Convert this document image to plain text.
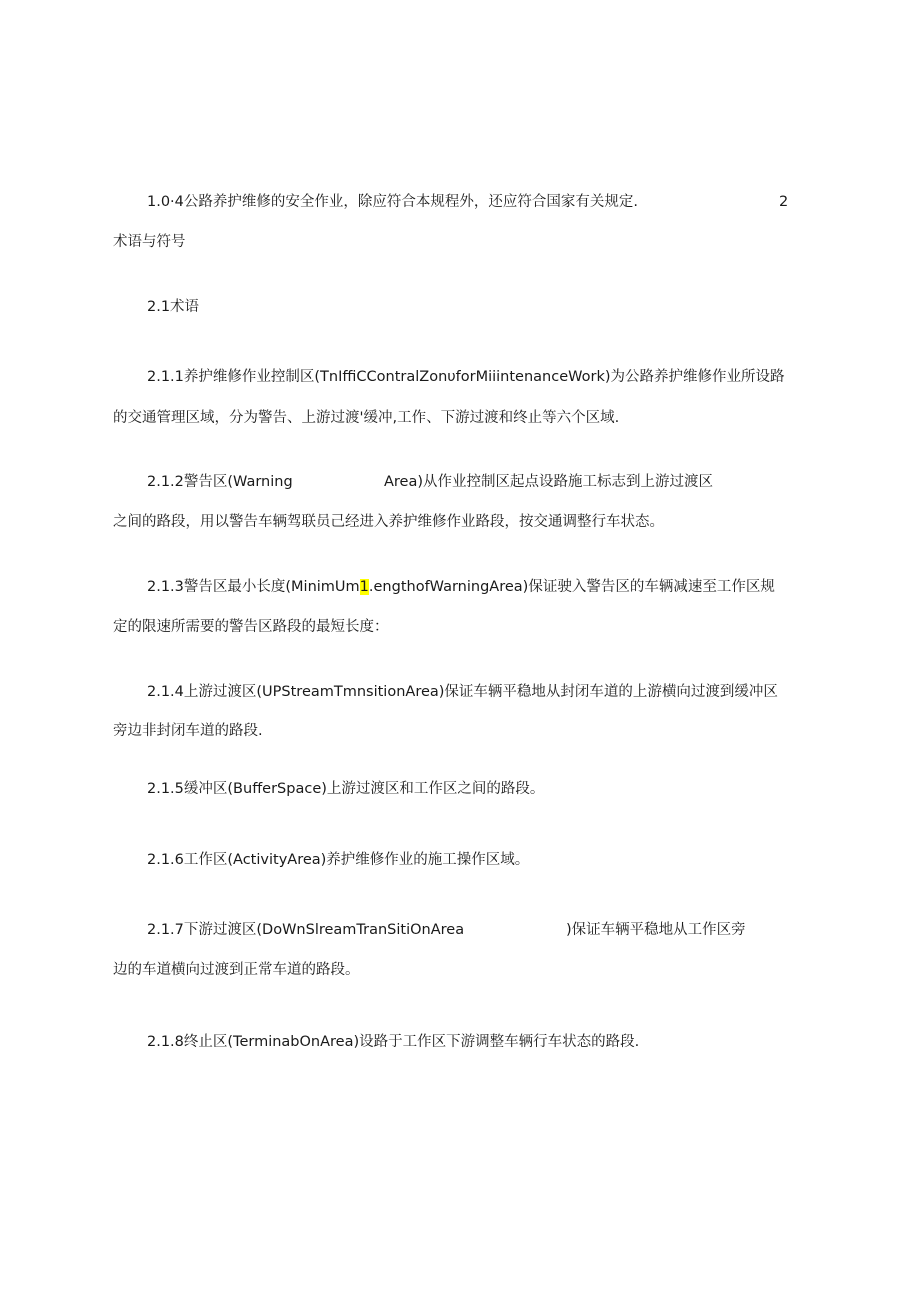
1.0·4公路养护维修的安全作业，除应符合本规程外，还应符合国家有关规定.	2
术语与符号
2.1术语
2.1.1养护维修作业控制区(TnIffiCContralZonυforMiiintenanceWork)为公路养护维修作业所设路
的交通管理区域，分为警告、上游过渡'缓冲,工作、下游过渡和终止等六个区域.
2.1.2警告区(Warning	Area)从作业控制区起点设路施工标志到上游过渡区
之间的路段，用以警告车辆驾联员己经进入养护维修作业路段，按交通调整行车状态。
2.1.3警告区最小长度(MinimUm1.engthofWarningArea)保证驶入警告区的车辆减速至工作区规
定的限速所需要的警告区路段的最短长度：
2.1.4上游过渡区(UPStreamTmnsitionArea)保证车辆平稳地从封闭车道的上游横向过渡到缓冲区
旁边非封闭车道的路段.
2.1.5缓冲区(BufferSpace)上游过渡区和工作区之间的路段。
2.1.6工作区(ActivityArea)养护维修作业的施工操作区域。
2.1.7下游过渡区(DoWnSlreamTranSitiOnArea	)保证车辆平稳地从工作区旁
边的车道横向过渡到正常车道的路段。
2.1.8终止区(TerminabOnArea)设路于工作区下游调整车辆行车状态的路段.
